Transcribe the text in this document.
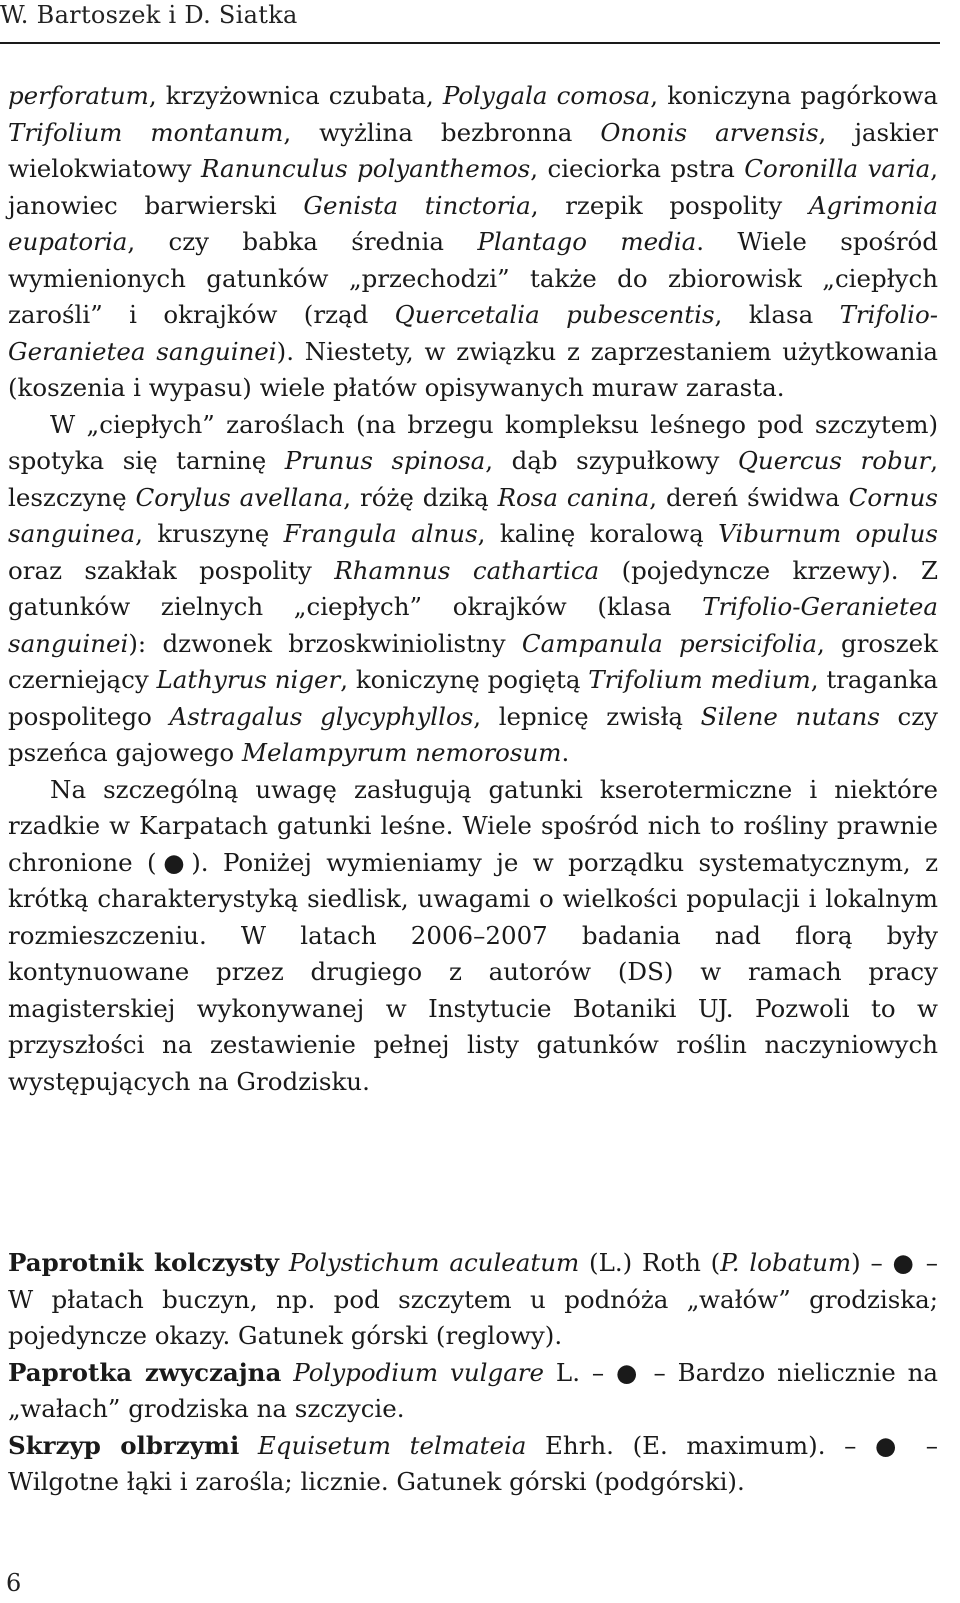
W. Bartoszek i D. Siatka

perforatum, krzyżownica czubata, Polygala comosa, koniczyna pagórkowa Trifolium montanum, wyżlina bezbronna Ononis arvensis, jaskier wielokwiatowy Ranunculus polyanthemos, cieciorka pstra Coronilla varia, janowiec barwierski Genista tinctoria, rzepik pospolity Agrimonia eupatoria, czy babka średnia Plantago media. Wiele spośród wymienionych gatunków „przechodzi” także do zbiorowisk „ciepłych zarośli” i okrajków (rząd Quercetalia pubescentis, klasa Trifolio-Geranietea sanguinei). Niestety, w związku z zaprzestaniem użytkowania (koszenia i wypasu) wiele płatów opisywanych muraw zarasta.

W „ciepłych” zaroślach (na brzegu kompleksu leśnego pod szczytem) spotyka się tarninę Prunus spinosa, dąb szypułkowy Quercus robur, leszczynę Corylus avellana, różę dziką Rosa canina, dereń świdwa Cornus sanguinea, kruszynę Frangula alnus, kalinę koralową Viburnum opulus oraz szakłak pospolity Rhamnus cathartica (pojedyncze krzewy). Z gatunków zielnych „ciepłych” okrajków (klasa Trifolio-Geranietea sanguinei): dzwonek brzoskwiniolistny Campanula persicifolia, groszek czerniejący Lathyrus niger, koniczynę pogiętą Trifolium medium, traganka pospolitego Astragalus glycyphyllos, lepnicę zwisłą Silene nutans czy pszeńca gajowego Melampyrum nemorosum.

Na szczególną uwagę zasługują gatunki kserotermiczne i niektóre rzadkie w Karpatach gatunki leśne. Wiele spośród nich to rośliny prawnie chronione (●). Poniżej wymieniamy je w porządku systematycznym, z krótką charakterystyką siedlisk, uwagami o wielkości populacji i lokalnym rozmieszczeniu. W latach 2006–2007 badania nad florą były kontynuowane przez drugiego z autorów (DS) w ramach pracy magisterskiej wykonywanej w Instytucie Botaniki UJ. Pozwoli to w przyszłości na zestawienie pełnej listy gatunków roślin naczyniowych występujących na Grodzisku.

Paprotnik kolczysty Polystichum aculeatum (L.) Roth (P. lobatum) – ● – W płatach buczyn, np. pod szczytem u podnóża „wałów” grodziska; pojedyncze okazy. Gatunek górski (reglowy).

Paprotka zwyczajna Polypodium vulgare L. – ● – Bardzo nielicznie na „wałach” grodziska na szczycie.

Skrzyp olbrzymi Equisetum telmateia Ehrh. (E. maximum). – ● – Wilgotne łąki i zarośla; licznie. Gatunek górski (podgórski).

6
